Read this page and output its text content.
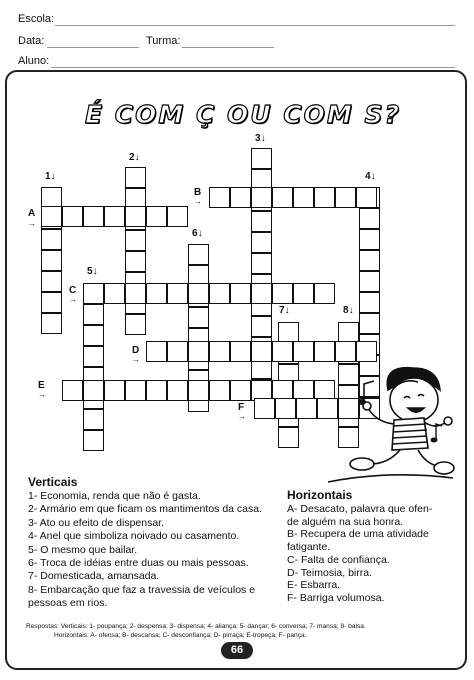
Escola:
Data:	Turma:
Aluno:
É COM Ç OU COM S?
1↓
2↓
3↓
4↓
5↓
6↓
7↓	8↓
A
→
B
→
C
→
D
→
E
→
F
→
Verticais
1- Economia, renda que não é gasta.
2- Armário em que ficam os mantimentos da casa.
3- Ato ou efeito de dispensar.
4- Anel que simboliza noivado ou casamento.
5- O mesmo que bailar.
6- Troca de idéias entre duas ou mais pessoas.
7- Domesticada, amansada.
8- Embarcação que faz a travessia de veículos e
pessoas em rios.
Horizontais
A- Desacato, palavra que ofen-
de alguém na sua honra.
B- Recupera de uma atividade
fatigante.
C- Falta de confiança.
D- Teimosia, birra.
E- Esbarra.
F- Barriga volumosa.
Respostas: Verticais: 1- poupança; 2- despensa; 3- dispensa; 4- aliança; 5- dançar; 6- conversa; 7- mansa; 8- balsa.
Horizontais: A- ofensa; B- descansa; C- desconfiança; D- pirraça; E-tropeça; F- pança.
66
